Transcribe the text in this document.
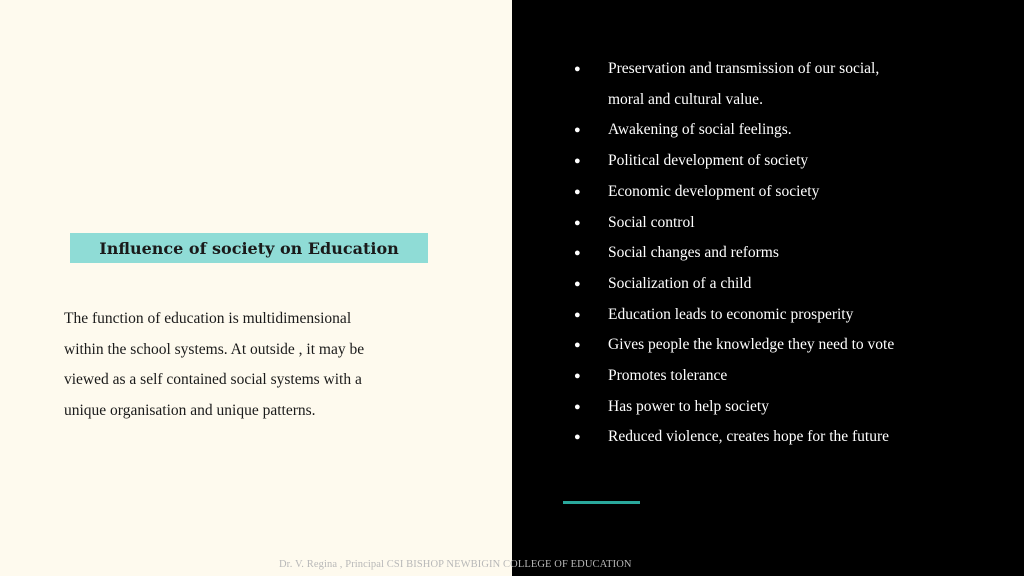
Influence of society on Education
The function of education is multidimensional
within the school systems. At outside , it may be
viewed as a self contained social systems with a
unique organisation and unique patterns.
● Preservation and transmission of our social,
moral and cultural value.
● Awakening of social feelings.
● Political development of society
● Economic development of society
● Social control
● Social changes and reforms
● Socialization of a child
● Education leads to economic prosperity
● Gives people the knowledge they need to vote
● Promotes tolerance
● Has power to help society
● Reduced violence, creates hope for the future
Dr. V. Regina , Principal CSI BISHOP NEWBIGIN COLLEGE OF EDUCATION
